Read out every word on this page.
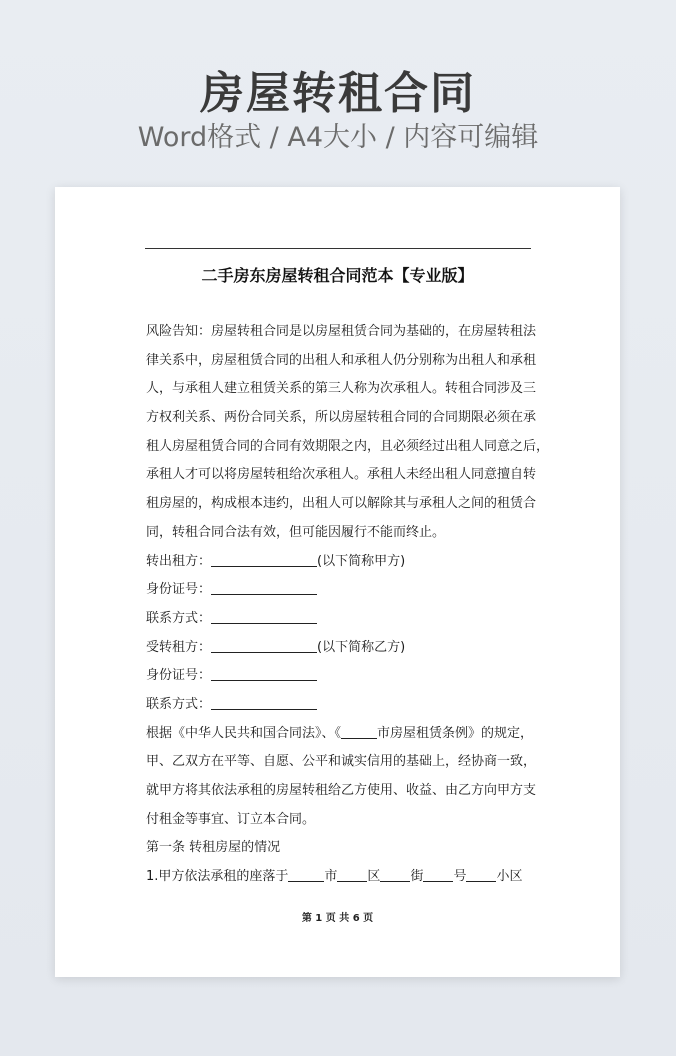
房屋转租合同
Word格式 / A4大小 / 内容可编辑
二手房东房屋转租合同范本【专业版】
风险告知：房屋转租合同是以房屋租赁合同为基础的，在房屋转租法
律关系中，房屋租赁合同的出租人和承租人仍分别称为出租人和承租
人，与承租人建立租赁关系的第三人称为次承租人。转租合同涉及三
方权利关系、两份合同关系，所以房屋转租合同的合同期限必须在承
租人房屋租赁合同的合同有效期限之内，且必须经过出租人同意之后，
承租人才可以将房屋转租给次承租人。承租人未经出租人同意擅自转
租房屋的，构成根本违约，出租人可以解除其与承租人之间的租赁合
同，转租合同合法有效，但可能因履行不能而终止。
转出租方：	(以下简称甲方)
身份证号：
联系方式：
受转租方：	(以下简称乙方)
身份证号：
联系方式：
根据《中华人民共和国合同法》、《	市房屋租赁条例》的规定，
甲、乙双方在平等、自愿、公平和诚实信用的基础上，经协商一致，
就甲方将其依法承租的房屋转租给乙方使用、收益、由乙方向甲方支
付租金等事宜、订立本合同。
第一条 转租房屋的情况
1.甲方依法承租的座落于	市 区 街 号 小区
第 1 页 共 6 页
